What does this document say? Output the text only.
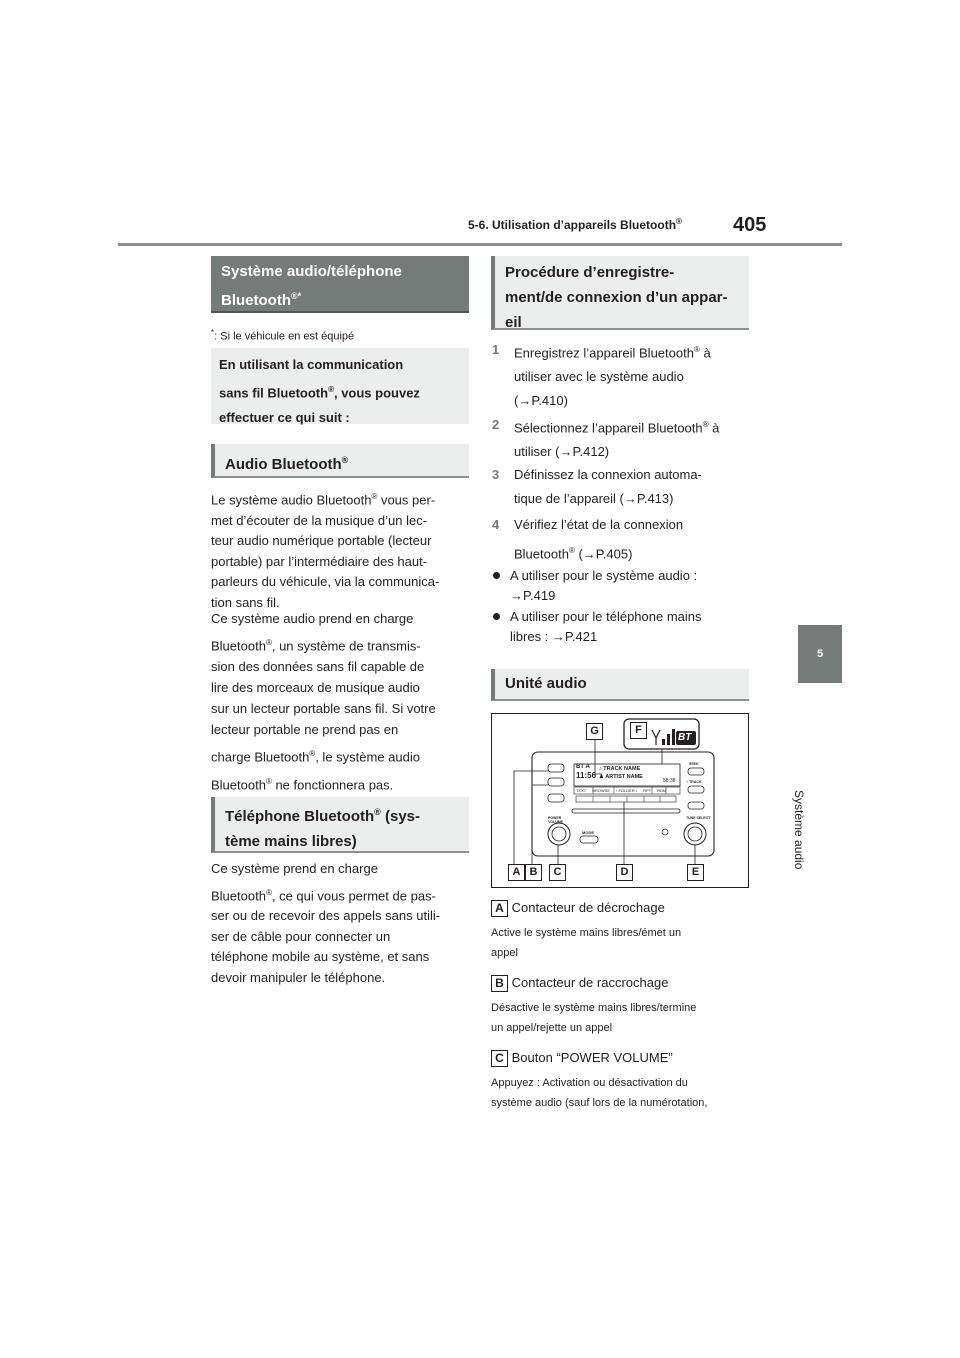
5-6. Utilisation d’appareils Bluetooth®	405
5
Système audio
Système audio/téléphone
Bluetooth®*
*: Si le véhicule en est équipé
En utilisant la communication
sans fil Bluetooth®, vous pouvez
effectuer ce qui suit :
Audio Bluetooth®
Le système audio Bluetooth® vous per-
met d’écouter de la musique d’un lec-
teur audio numérique portable (lecteur
portable) par l’intermédiaire des haut-
parleurs du véhicule, via la communica-
tion sans fil.
Ce système audio prend en charge
Bluetooth®, un système de transmis-
sion des données sans fil capable de
lire des morceaux de musique audio
sur un lecteur portable sans fil. Si votre
lecteur portable ne prend pas en
charge Bluetooth®, le système audio
Bluetooth® ne fonctionnera pas.
Téléphone Bluetooth® (sys-
tème mains libres)
Ce système prend en charge
Bluetooth®, ce qui vous permet de pas-
ser ou de recevoir des appels sans utili-
ser de câble pour connecter un
téléphone mobile au système, et sans
devoir manipuler le téléphone.
Procédure d’enregistre-
ment/de connexion d’un appar-
eil
1 Enregistrez l’appareil Bluetooth® à
utiliser avec le système audio
(→P.410)
2 Sélectionnez l’appareil Bluetooth® à
utiliser (→P.412)
3 Définissez la connexion automa-
tique de l’appareil (→P.413)
4 Vérifiez l’état de la connexion
Bluetooth® (→P.405)
A utiliser pour le système audio :
→P.419
A utiliser pour le téléphone mains
libres : →P.421
Unité audio
BT A
11:56
♪ TRACK NAME
♟ ARTIST NAME
58:38
BT
TEXT BROWSE ‹ FOLDER › RPT RDM
POWER VOLUME
TUNE SELECT
MODE
SEEK
‹ TRACK
G	F
A B	C	D	E
A Contacteur de décrochage
Active le système mains libres/émet un
appel
B Contacteur de raccrochage
Désactive le système mains libres/termine
un appel/rejette un appel
C Bouton “POWER VOLUME”
Appuyez : Activation ou désactivation du
système audio (sauf lors de la numérotation,
